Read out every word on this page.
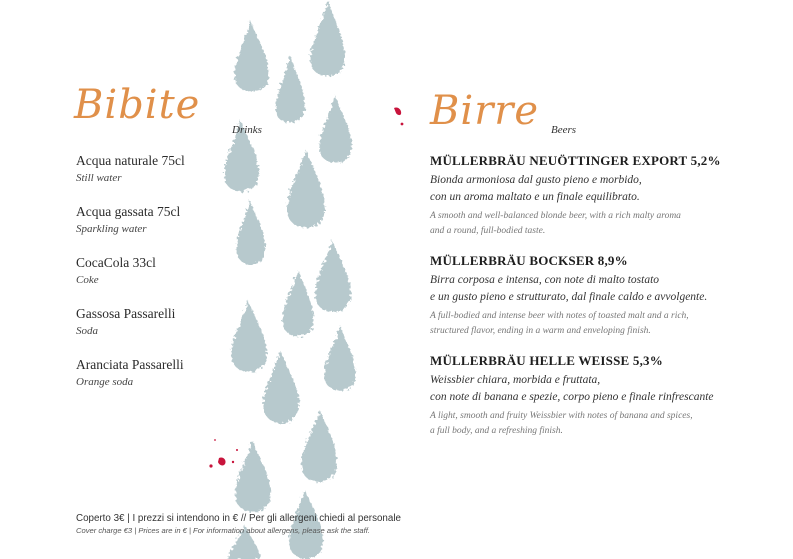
Bibite
Drinks
Acqua naturale 75cl
Still water
Acqua gassata 75cl
Sparkling water
CocaCola 33cl
Coke
Gassosa Passarelli
Soda
Aranciata Passarelli
Orange soda
Birre Beers
MÜLLERBRÄU NEUÖTTINGER EXPORT 5,2%
Bionda armoniosa dal gusto pieno e morbido,
con un aroma maltato e un finale equilibrato.
A smooth and well-balanced blonde beer, with a rich malty aroma
and a round, full-bodied taste.
MÜLLERBRÄU BOCKSER 8,9%
Birra corposa e intensa, con note di malto tostato
e un gusto pieno e strutturato, dal finale caldo e avvolgente.
A full-bodied and intense beer with notes of toasted malt and a rich,
structured flavor, ending in a warm and enveloping finish.
MÜLLERBRÄU HELLE WEISSE 5,3%
Weissbier chiara, morbida e fruttata,
con note di banana e spezie, corpo pieno e finale rinfrescante
A light, smooth and fruity Weissbier with notes of banana and spices,
a full body, and a refreshing finish.
Coperto 3€ | I prezzi si intendono in € // Per gli allergeni chiedi al personale
Cover charge €3 | Prices are in € | For information about allergens, please ask the staff.
